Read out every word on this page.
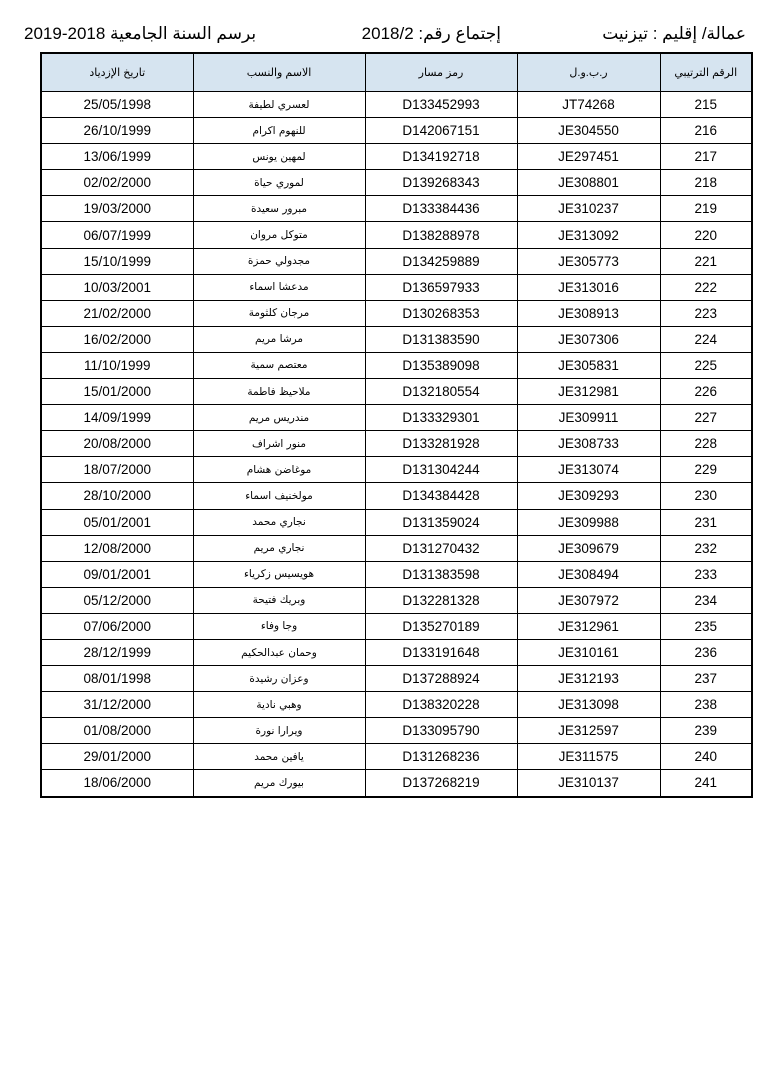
عمالة/ إقليم : تيزنيت
إجتماع رقم: 2018/2
برسم السنة الجامعية 2018-2019
الرقم الترتيبي	ر.ب.و.ل	رمز مسار	الاسم والنسب	تاريخ الإزدياد
215	JT74268	D133452993	لعسري لطيفة	25/05/1998
216	JE304550	D142067151	للنهوم اكرام	26/10/1999
217	JE297451	D134192718	لمهين يونس	13/06/1999
218	JE308801	D139268343	لموري حياة	02/02/2000
219	JE310237	D133384436	مبرور سعيدة	19/03/2000
220	JE313092	D138288978	متوكل مروان	06/07/1999
221	JE305773	D134259889	مجدولي حمزة	15/10/1999
222	JE313016	D136597933	مدعشا اسماء	10/03/2001
223	JE308913	D130268353	مرجان كلثومة	21/02/2000
224	JE307306	D131383590	مرشا مريم	16/02/2000
225	JE305831	D135389098	معتصم سمية	11/10/1999
226	JE312981	D132180554	ملاحيظ فاطمة	15/01/2000
227	JE309911	D133329301	مندريس مريم	14/09/1999
228	JE308733	D133281928	منور اشراف	20/08/2000
229	JE313074	D131304244	موغاضن هشام	18/07/2000
230	JE309293	D134384428	مولخنيف اسماء	28/10/2000
231	JE309988	D131359024	نجاري محمد	05/01/2001
232	JE309679	D131270432	نجاري مريم	12/08/2000
233	JE308494	D131383598	هويسيس زكرياء	09/01/2001
234	JE307972	D132281328	وبريك فتيحة	05/12/2000
235	JE312961	D135270189	وجا وفاء	07/06/2000
236	JE310161	D133191648	وحمان عبدالحكيم	28/12/1999
237	JE312193	D137288924	وعزان رشيدة	08/01/1998
238	JE313098	D138320228	وهبي نادية	31/12/2000
239	JE312597	D133095790	ويرارا نورة	01/08/2000
240	JE311575	D131268236	يافين محمد	29/01/2000
241	JE310137	D137268219	بيورك مريم	18/06/2000
